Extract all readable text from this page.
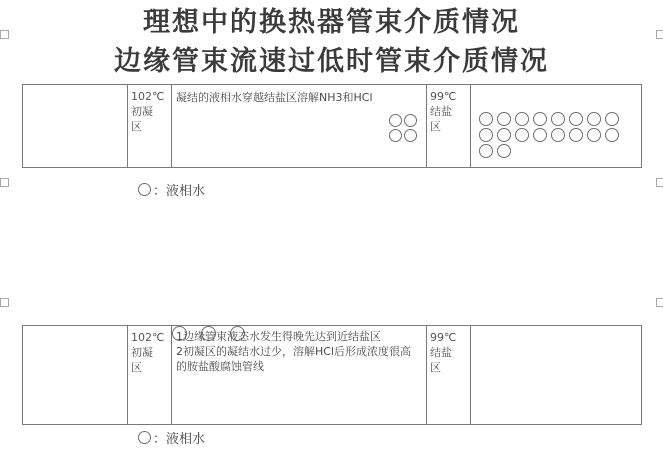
理想中的换热器管束介质情况
102℃
初凝
区
凝结的液相水穿越结盐区溶解NH3和HCl	99℃
结盐
区
：液相水
边缘管束流速过低时管束介质情况
102℃
初凝
区
1边缘管束液态水发生得晚先达到近结盐区
2初凝区的凝结水过少，溶解HCl后形成浓度很高
的胺盐酸腐蚀管线
99℃
结盐
区
：液相水
